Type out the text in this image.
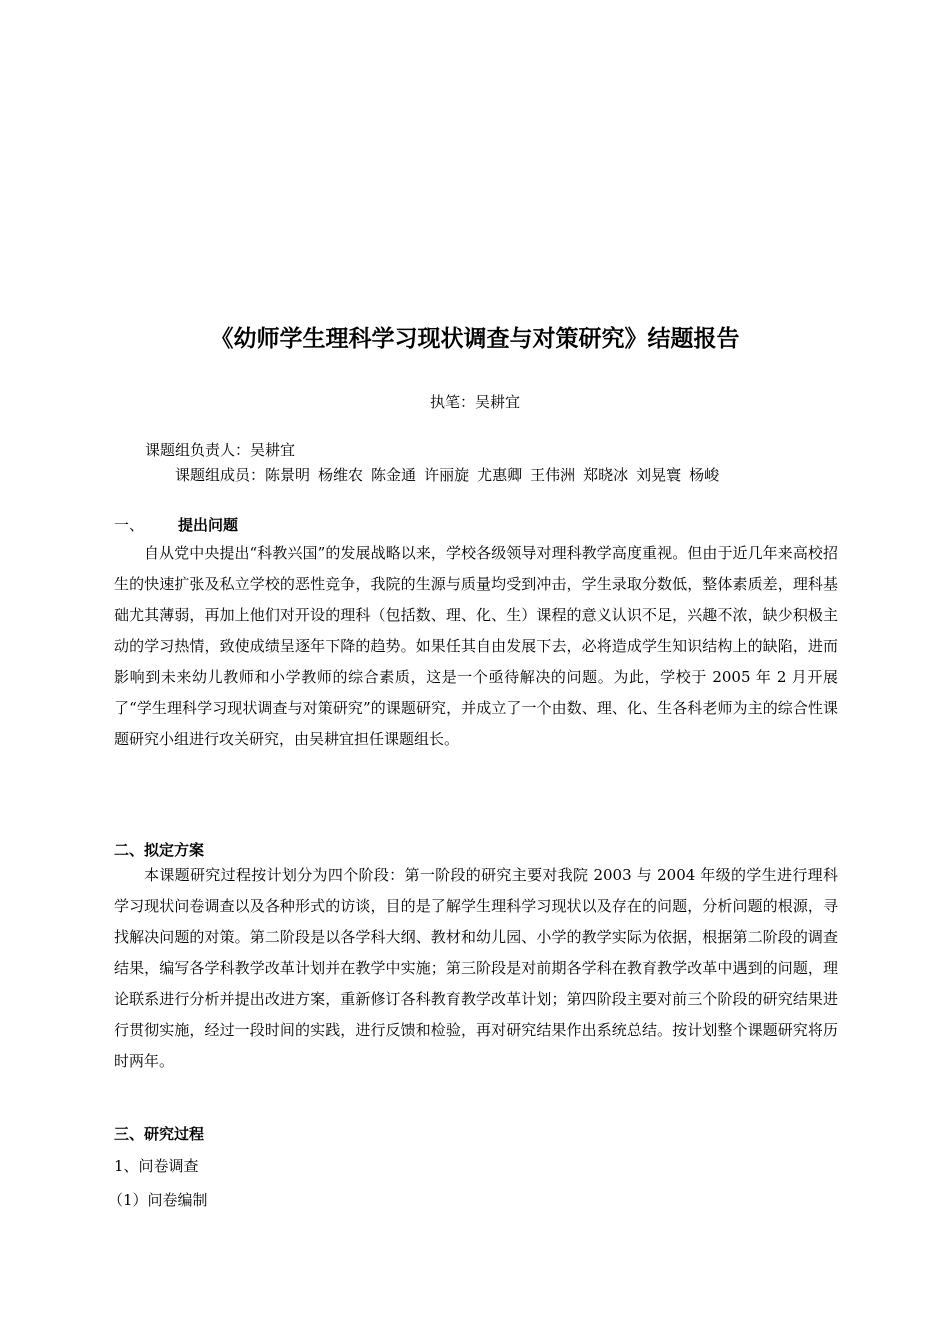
《幼师学生理科学习现状调查与对策研究》结题报告
执笔：吴耕宜
课题组负责人：吴耕宜
课题组成员：陈景明 杨维农 陈金通 许丽旋 尤惠卿 王伟洲 郑晓冰 刘晃寰 杨峻
一、 提出问题
自从党中央提出“科教兴国”的发展战略以来，学校各级领导对理科教学高度重视。但由于近几年来高校招生的快速扩张及私立学校的恶性竞争，我院的生源与质量均受到冲击，学生录取分数低，整体素质差，理科基础尤其薄弱，再加上他们对开设的理科（包括数、理、化、生）课程的意义认识不足，兴趣不浓，缺少积极主动的学习热情，致使成绩呈逐年下降的趋势。如果任其自由发展下去，必将造成学生知识结构上的缺陷，进而影响到未来幼儿教师和小学教师的综合素质，这是一个亟待解决的问题。为此，学校于 2005 年 2 月开展了“学生理科学习现状调查与对策研究”的课题研究，并成立了一个由数、理、化、生各科老师为主的综合性课题研究小组进行攻关研究，由吴耕宜担任课题组长。
二、拟定方案
本课题研究过程按计划分为四个阶段：第一阶段的研究主要对我院 2003 与 2004 年级的学生进行理科学习现状问卷调查以及各种形式的访谈，目的是了解学生理科学习现状以及存在的问题，分析问题的根源，寻找解决问题的对策。第二阶段是以各学科大纲、教材和幼儿园、小学的教学实际为依据，根据第二阶段的调查结果，编写各学科教学改革计划并在教学中实施；第三阶段是对前期各学科在教育教学改革中遇到的问题，理论联系进行分析并提出改进方案，重新修订各科教育教学改革计划；第四阶段主要对前三个阶段的研究结果进行贯彻实施，经过一段时间的实践，进行反馈和检验，再对研究结果作出系统总结。按计划整个课题研究将历时两年。
三、研究过程
1、问卷调查
（1）问卷编制
